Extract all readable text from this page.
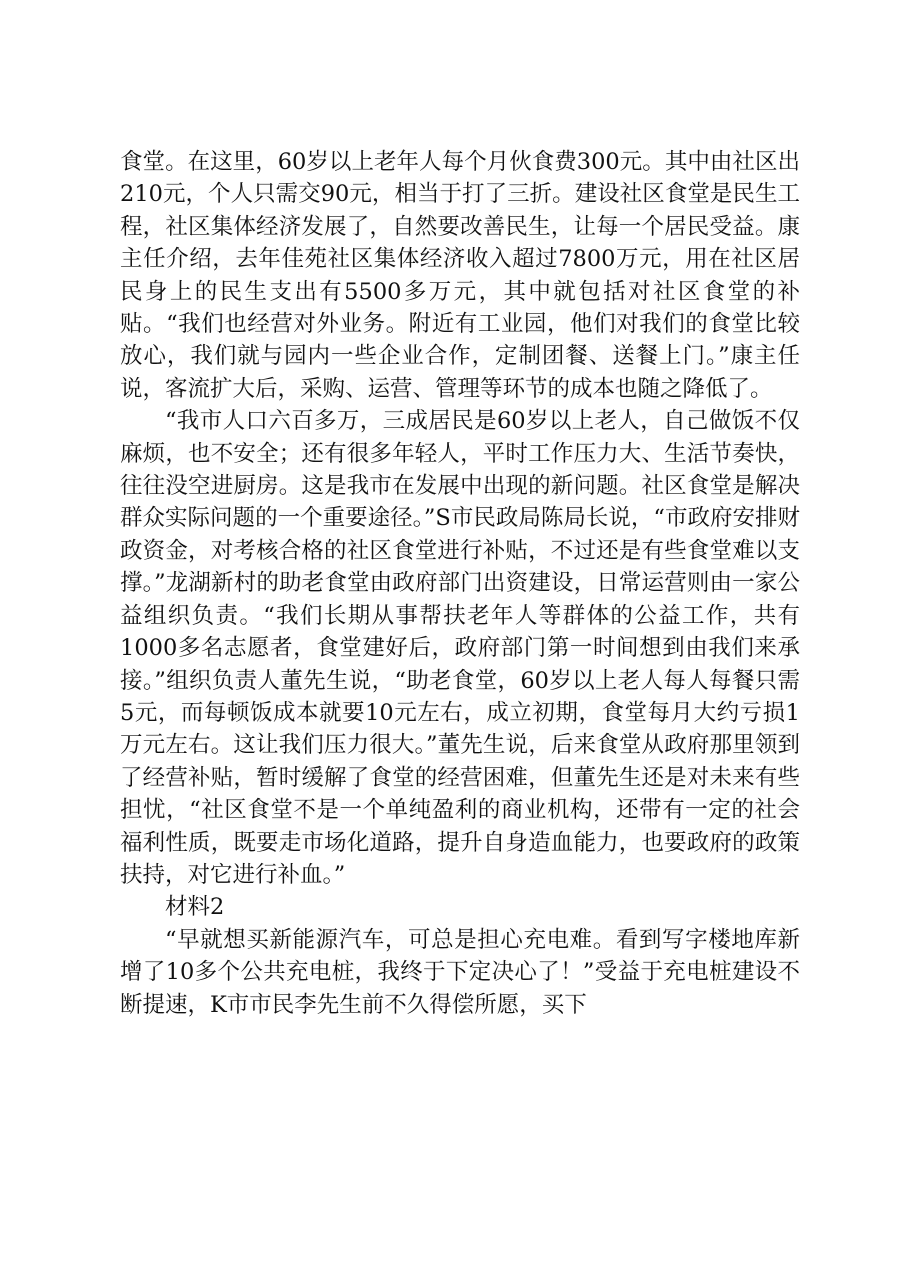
食堂。在这里，60岁以上老年人每个月伙食费300元。其中由社区出210元，个人只需交90元，相当于打了三折。建设社区食堂是民生工程，社区集体经济发展了，自然要改善民生，让每一个居民受益。康主任介绍，去年佳苑社区集体经济收入超过7800万元，用在社区居民身上的民生支出有5500多万元，其中就包括对社区食堂的补贴。“我们也经营对外业务。附近有工业园，他们对我们的食堂比较放心，我们就与园内一些企业合作，定制团餐、送餐上门。”康主任说，客流扩大后，采购、运营、管理等环节的成本也随之降低了。

“我市人口六百多万，三成居民是60岁以上老人，自己做饭不仅麻烦，也不安全；还有很多年轻人，平时工作压力大、生活节奏快，往往没空进厨房。这是我市在发展中出现的新问题。社区食堂是解决群众实际问题的一个重要途径。”S市民政局陈局长说，“市政府安排财政资金，对考核合格的社区食堂进行补贴，不过还是有些食堂难以支撑。”龙湖新村的助老食堂由政府部门出资建设，日常运营则由一家公益组织负责。“我们长期从事帮扶老年人等群体的公益工作，共有1000多名志愿者，食堂建好后，政府部门第一时间想到由我们来承接。”组织负责人董先生说，“助老食堂，60岁以上老人每人每餐只需5元，而每顿饭成本就要10元左右，成立初期，食堂每月大约亏损1万元左右。这让我们压力很大。”董先生说，后来食堂从政府那里领到了经营补贴，暂时缓解了食堂的经营困难，但董先生还是对未来有些担忧，“社区食堂不是一个单纯盈利的商业机构，还带有一定的社会福利性质，既要走市场化道路，提升自身造血能力，也要政府的政策扶持，对它进行补血。”

材料2

“早就想买新能源汽车，可总是担心充电难。看到写字楼地库新增了10多个公共充电桩，我终于下定决心了！”受益于充电桩建设不断提速，K市市民李先生前不久得偿所愿，买下
